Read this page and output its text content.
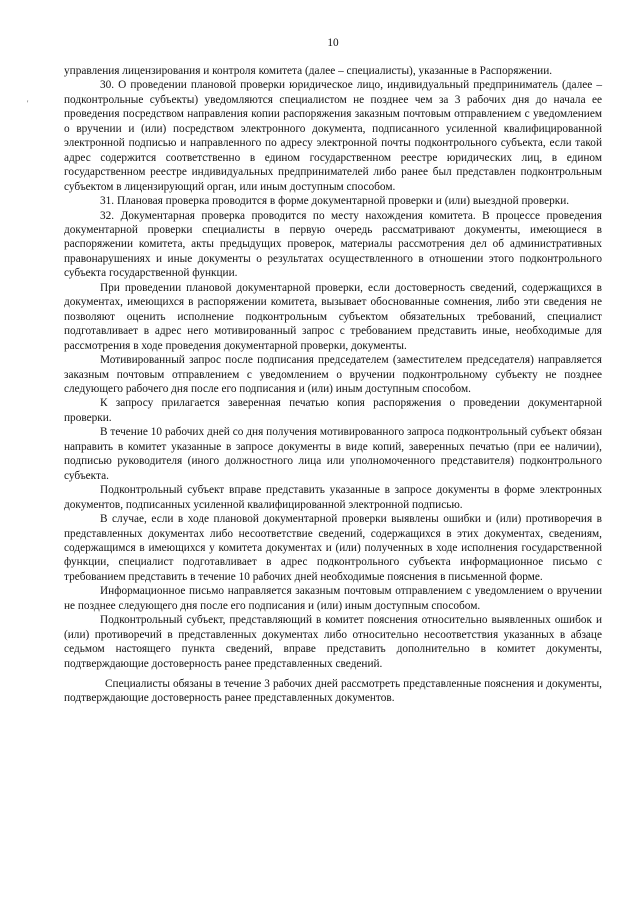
'
10

управления лицензирования и контроля комитета (далее – специалисты), указанные в Распоряжении.

30. О проведении плановой проверки юридическое лицо, индивидуальный предприниматель (далее – подконтрольные субъекты) уведомляются специалистом не позднее чем за 3 рабочих дня до начала ее проведения посредством направления копии распоряжения заказным почтовым отправлением с уведомлением о вручении и (или) посредством электронного документа, подписанного усиленной квалифицированной электронной подписью и направленного по адресу электронной почты подконтрольного субъекта, если такой адрес содержится соответственно в едином государственном реестре юридических лиц, в едином государственном реестре индивидуальных предпринимателей либо ранее был представлен подконтрольным субъектом в лицензирующий орган, или иным доступным способом.

31. Плановая проверка проводится в форме документарной проверки и (или) выездной проверки.

32. Документарная проверка проводится по месту нахождения комитета. В процессе проведения документарной проверки специалисты в первую очередь рассматривают документы, имеющиеся в распоряжении комитета, акты предыдущих проверок, материалы рассмотрения дел об административных правонарушениях и иные документы о результатах осуществленного в отношении этого подконтрольного субъекта государственной функции.

При проведении плановой документарной проверки, если достоверность сведений, содержащихся в документах, имеющихся в распоряжении комитета, вызывает обоснованные сомнения, либо эти сведения не позволяют оценить исполнение подконтрольным субъектом обязательных требований, специалист подготавливает в адрес него мотивированный запрос с требованием представить иные, необходимые для рассмотрения в ходе проведения документарной проверки, документы.

Мотивированный запрос после подписания председателем (заместителем председателя) направляется заказным почтовым отправлением с уведомлением о вручении подконтрольному субъекту не позднее следующего рабочего дня после его подписания и (или) иным доступным способом.

К запросу прилагается заверенная печатью копия распоряжения о проведении документарной проверки.

В течение 10 рабочих дней со дня получения мотивированного запроса подконтрольный субъект обязан направить в комитет указанные в запросе документы в виде копий, заверенных печатью (при ее наличии), подписью руководителя (иного должностного лица или уполномоченного представителя) подконтрольного субъекта.

Подконтрольный субъект вправе представить указанные в запросе документы в форме электронных документов, подписанных усиленной квалифицированной электронной подписью.

В случае, если в ходе плановой документарной проверки выявлены ошибки и (или) противоречия в представленных документах либо несоответствие сведений, содержащихся в этих документах, сведениям, содержащимся в имеющихся у комитета документах и (или) полученных в ходе исполнения государственной функции, специалист подготавливает в адрес подконтрольного субъекта информационное письмо с требованием представить в течение 10 рабочих дней необходимые пояснения в письменной форме.

Информационное письмо направляется заказным почтовым отправлением с уведомлением о вручении не позднее следующего дня после его подписания и (или) иным доступным способом.

Подконтрольный субъект, представляющий в комитет пояснения относительно выявленных ошибок и (или) противоречий в представленных документах либо относительно несоответствия указанных в абзаце седьмом настоящего пункта сведений, вправе представить дополнительно в комитет документы, подтверждающие достоверность ранее представленных сведений.

Специалисты обязаны в течение 3 рабочих дней рассмотреть представленные пояснения и документы, подтверждающие достоверность ранее представленных документов.
